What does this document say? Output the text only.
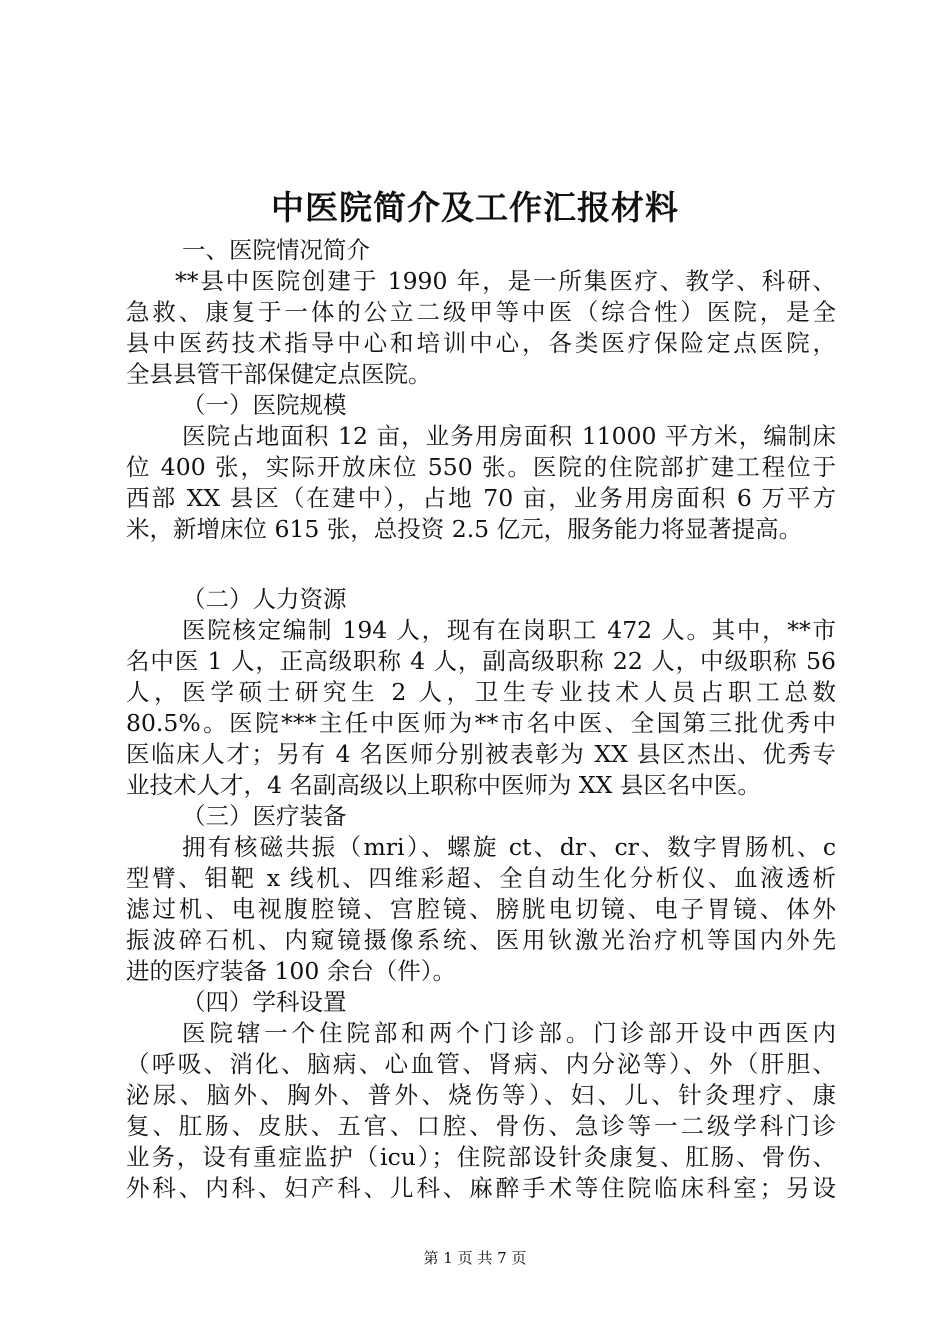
中医院简介及工作汇报材料
一、医院情况简介
**县中医院创建于 1990 年，是一所集医疗、教学、科研、
急救、康复于一体的公立二级甲等中医（综合性）医院，是全
县中医药技术指导中心和培训中心，各类医疗保险定点医院，
全县县管干部保健定点医院。
（一）医院规模
医院占地面积 12 亩，业务用房面积 11000 平方米，编制床
位 400 张，实际开放床位 550 张。医院的住院部扩建工程位于
西部 XX 县区（在建中），占地 70 亩，业务用房面积 6 万平方
米，新增床位 615 张，总投资 2.5 亿元，服务能力将显著提高。
（二）人力资源
医院核定编制 194 人，现有在岗职工 472 人。其中，**市
名中医 1 人，正高级职称 4 人，副高级职称 22 人，中级职称 56
人，医学硕士研究生 2 人，卫生专业技术人员占职工总数
80.5%。医院***主任中医师为**市名中医、全国第三批优秀中
医临床人才；另有 4 名医师分别被表彰为 XX 县区杰出、优秀专
业技术人才，4 名副高级以上职称中医师为 XX 县区名中医。
（三）医疗装备
拥有核磁共振（mri）、螺旋 ct、dr、cr、数字胃肠机、c
型臂、钼靶 x 线机、四维彩超、全自动生化分析仪、血液透析
滤过机、电视腹腔镜、宫腔镜、膀胱电切镜、电子胃镜、体外
振波碎石机、内窥镜摄像系统、医用钬激光治疗机等国内外先
进的医疗装备 100 余台（件）。
（四）学科设置
医院辖一个住院部和两个门诊部。门诊部开设中西医内
（呼吸、消化、脑病、心血管、肾病、内分泌等）、外（肝胆、
泌尿、脑外、胸外、普外、烧伤等）、妇、儿、针灸理疗、康
复、肛肠、皮肤、五官、口腔、骨伤、急诊等一二级学科门诊
业务，设有重症监护（icu）；住院部设针灸康复、肛肠、骨伤、
外科、内科、妇产科、儿科、麻醉手术等住院临床科室；另设
第 1 页 共 7 页
